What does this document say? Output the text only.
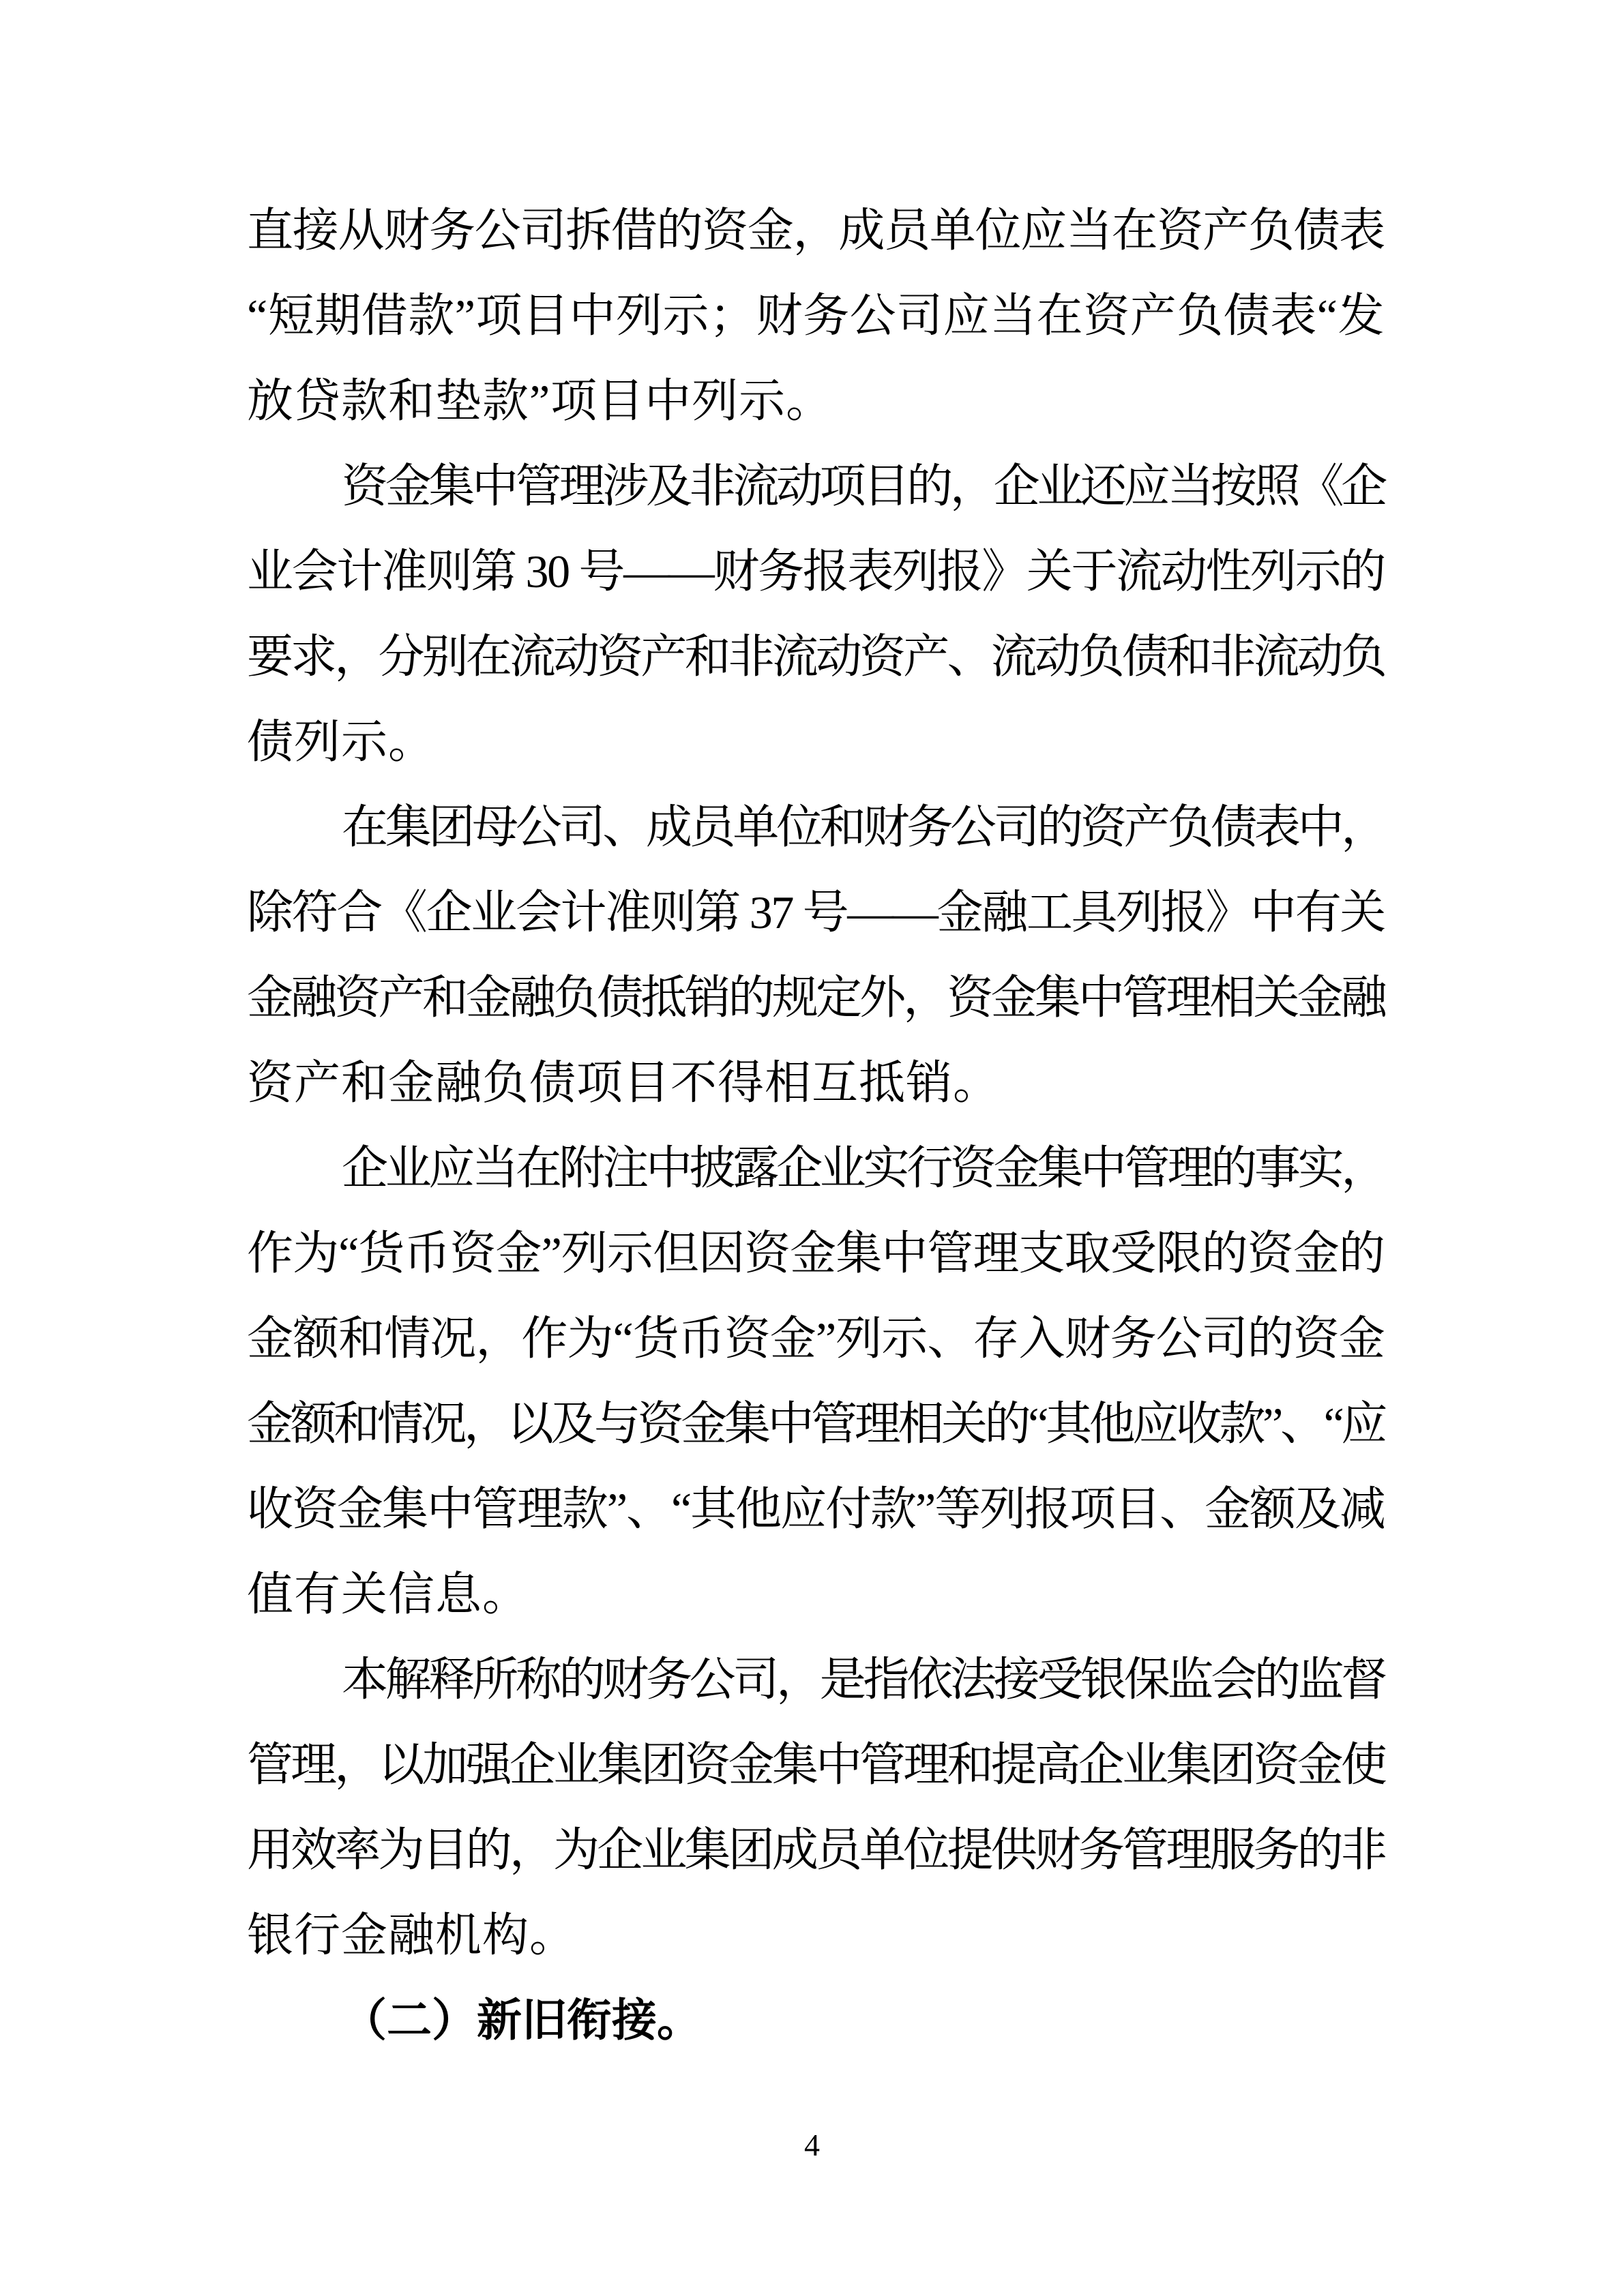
直接从财务公司拆借的资金，成员单位应当在资产负债表
“短期借款”项目中列示；财务公司应当在资产负债表“发
放贷款和垫款”项目中列示。
资金集中管理涉及非流动项目的，企业还应当按照《企
业会计准则第 30 号——财务报表列报》关于流动性列示的
要求，分别在流动资产和非流动资产、流动负债和非流动负
债列示。
在集团母公司、成员单位和财务公司的资产负债表中，
除符合《企业会计准则第 37 号——金融工具列报》中有关
金融资产和金融负债抵销的规定外，资金集中管理相关金融
资产和金融负债项目不得相互抵销。
企业应当在附注中披露企业实行资金集中管理的事实，
作为“货币资金”列示但因资金集中管理支取受限的资金的
金额和情况，作为“货币资金”列示、存入财务公司的资金
金额和情况，以及与资金集中管理相关的“其他应收款”、“应
收资金集中管理款”、“其他应付款”等列报项目、金额及减
值有关信息。
本解释所称的财务公司，是指依法接受银保监会的监督
管理，以加强企业集团资金集中管理和提高企业集团资金使
用效率为目的，为企业集团成员单位提供财务管理服务的非
银行金融机构。
（二）新旧衔接。
4
